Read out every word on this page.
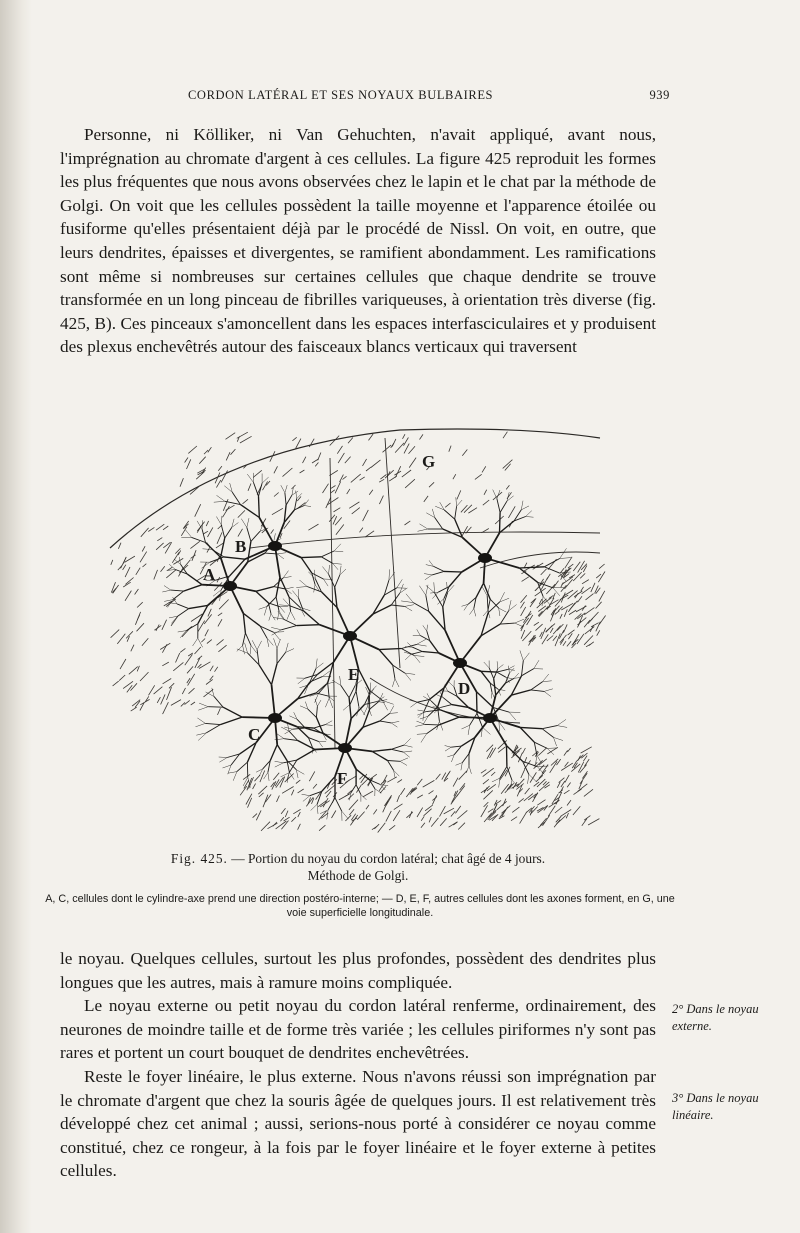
CORDON LATÉRAL ET SES NOYAUX BULBAIRES	939

Personne, ni Kölliker, ni Van Gehuchten, n'avait appliqué, avant nous, l'imprégnation au chromate d'argent à ces cellules. La figure 425 reproduit les formes les plus fréquentes que nous avons observées chez le lapin et le chat par la méthode de Golgi. On voit que les cellules possèdent la taille moyenne et l'apparence étoilée ou fusiforme qu'elles présentaient déjà par le procédé de Nissl. On voit, en outre, que leurs dendrites, épaisses et divergentes, se ramifient abondamment. Les ramifications sont même si nombreuses sur certaines cellules que chaque dendrite se trouve transformée en un long pinceau de fibrilles variqueuses, à orientation très diverse (fig. 425, B). Ces pinceaux s'amoncellent dans les espaces interfasciculaires et y produisent des plexus enchevêtrés autour des faisceaux blancs verticaux qui traversent

A
B
C
D
E
F
G
Fig. 425. — Portion du noyau du cordon latéral; chat âgé de 4 jours.
Méthode de Golgi.
A, C, cellules dont le cylindre-axe prend une direction postéro-interne; — D, E, F, autres cellules dont les axones forment, en G, une voie superficielle longitudinale.

le noyau. Quelques cellules, surtout les plus profondes, possèdent des dendrites plus longues que les autres, mais à ramure moins compliquée.

Le noyau externe ou petit noyau du cordon latéral renferme, ordinairement, des neurones de moindre taille et de forme très variée ; les cellules piriformes n'y sont pas rares et portent un court bouquet de dendrites enchevêtrées.

Reste le foyer linéaire, le plus externe. Nous n'avons réussi son imprégnation par le chromate d'argent que chez la souris âgée de quelques jours. Il est relativement très développé chez cet animal ; aussi, serions-nous porté à considérer ce noyau comme constitué, chez ce rongeur, à la fois par le foyer linéaire et le foyer externe à petites cellules.

2° Dans le noyau externe.
3° Dans le noyau linéaire.
